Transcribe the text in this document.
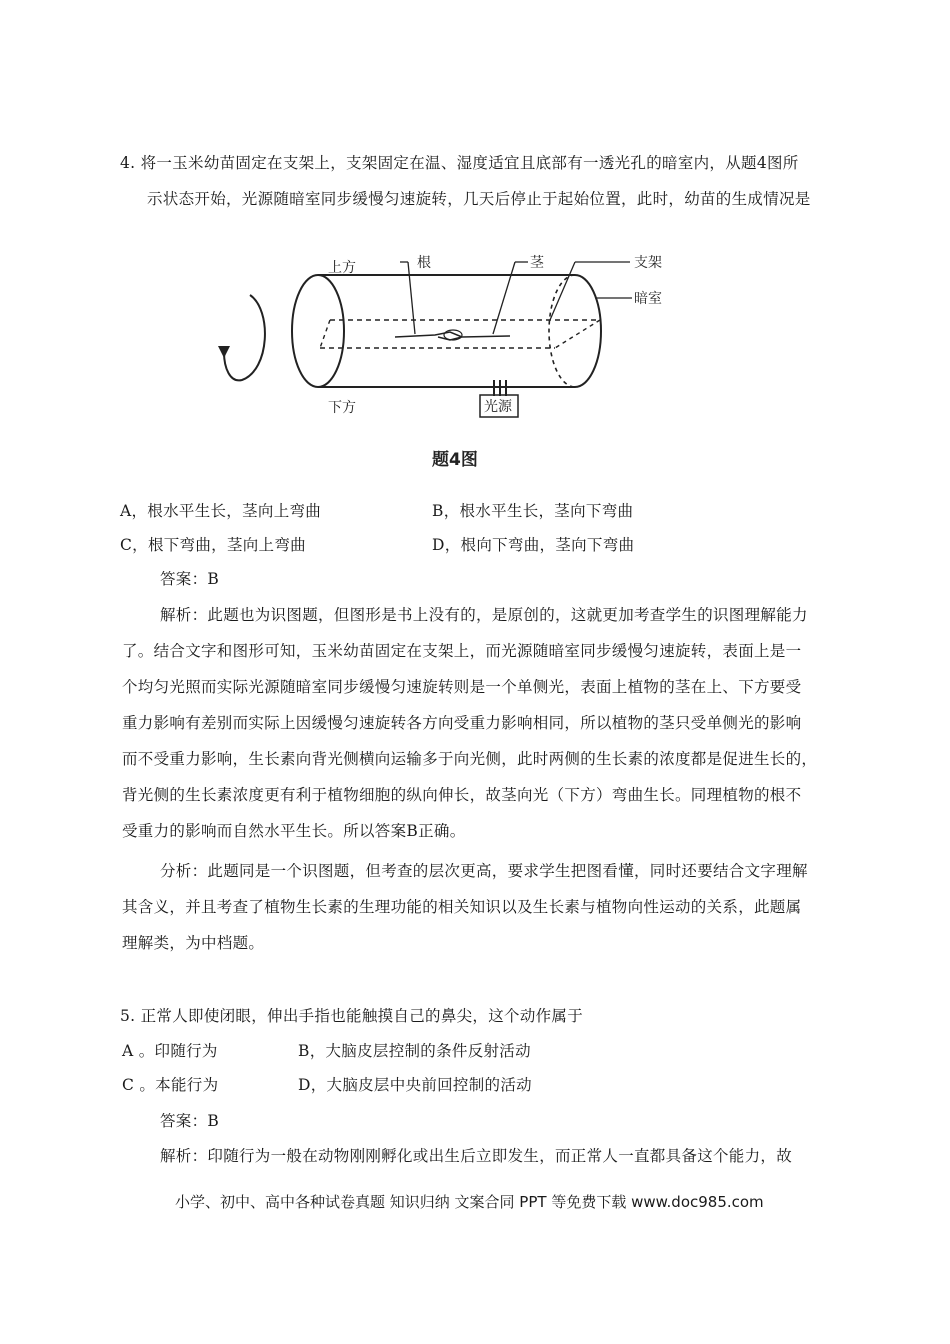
4. 将一玉米幼苗固定在支架上，支架固定在温、湿度适宜且底部有一透光孔的暗室内，从题4图所
示状态开始，光源随暗室同步缓慢匀速旋转，几天后停止于起始位置，此时，幼苗的生成情况是
上方
下方
根	茎	支架
暗室
光源
题4图
A，根水平生长，茎向上弯曲	B，根水平生长，茎向下弯曲
C，根下弯曲，茎向上弯曲	D，根向下弯曲，茎向下弯曲
答案：B
解析：此题也为识图题，但图形是书上没有的，是原创的，这就更加考查学生的识图理解能力
了。结合文字和图形可知，玉米幼苗固定在支架上，而光源随暗室同步缓慢匀速旋转，表面上是一
个均匀光照而实际光源随暗室同步缓慢匀速旋转则是一个单侧光，表面上植物的茎在上、下方要受
重力影响有差别而实际上因缓慢匀速旋转各方向受重力影响相同，所以植物的茎只受单侧光的影响
而不受重力影响，生长素向背光侧横向运输多于向光侧，此时两侧的生长素的浓度都是促进生长的，
背光侧的生长素浓度更有利于植物细胞的纵向伸长，故茎向光（下方）弯曲生长。同理植物的根不
受重力的影响而自然水平生长。所以答案B正确。
分析：此题同是一个识图题，但考查的层次更高，要求学生把图看懂，同时还要结合文字理解
其含义，并且考查了植物生长素的生理功能的相关知识以及生长素与植物向性运动的关系，此题属
理解类，为中档题。
5. 正常人即使闭眼，伸出手指也能触摸自己的鼻尖，这个动作属于
A 。印随行为	B，大脑皮层控制的条件反射活动
C 。本能行为	D，大脑皮层中央前回控制的活动
答案：B
解析：印随行为一般在动物刚刚孵化或出生后立即发生，而正常人一直都具备这个能力，故
小学、初中、高中各种试卷真题 知识归纳 文案合同 PPT 等免费下载 www.doc985.com
